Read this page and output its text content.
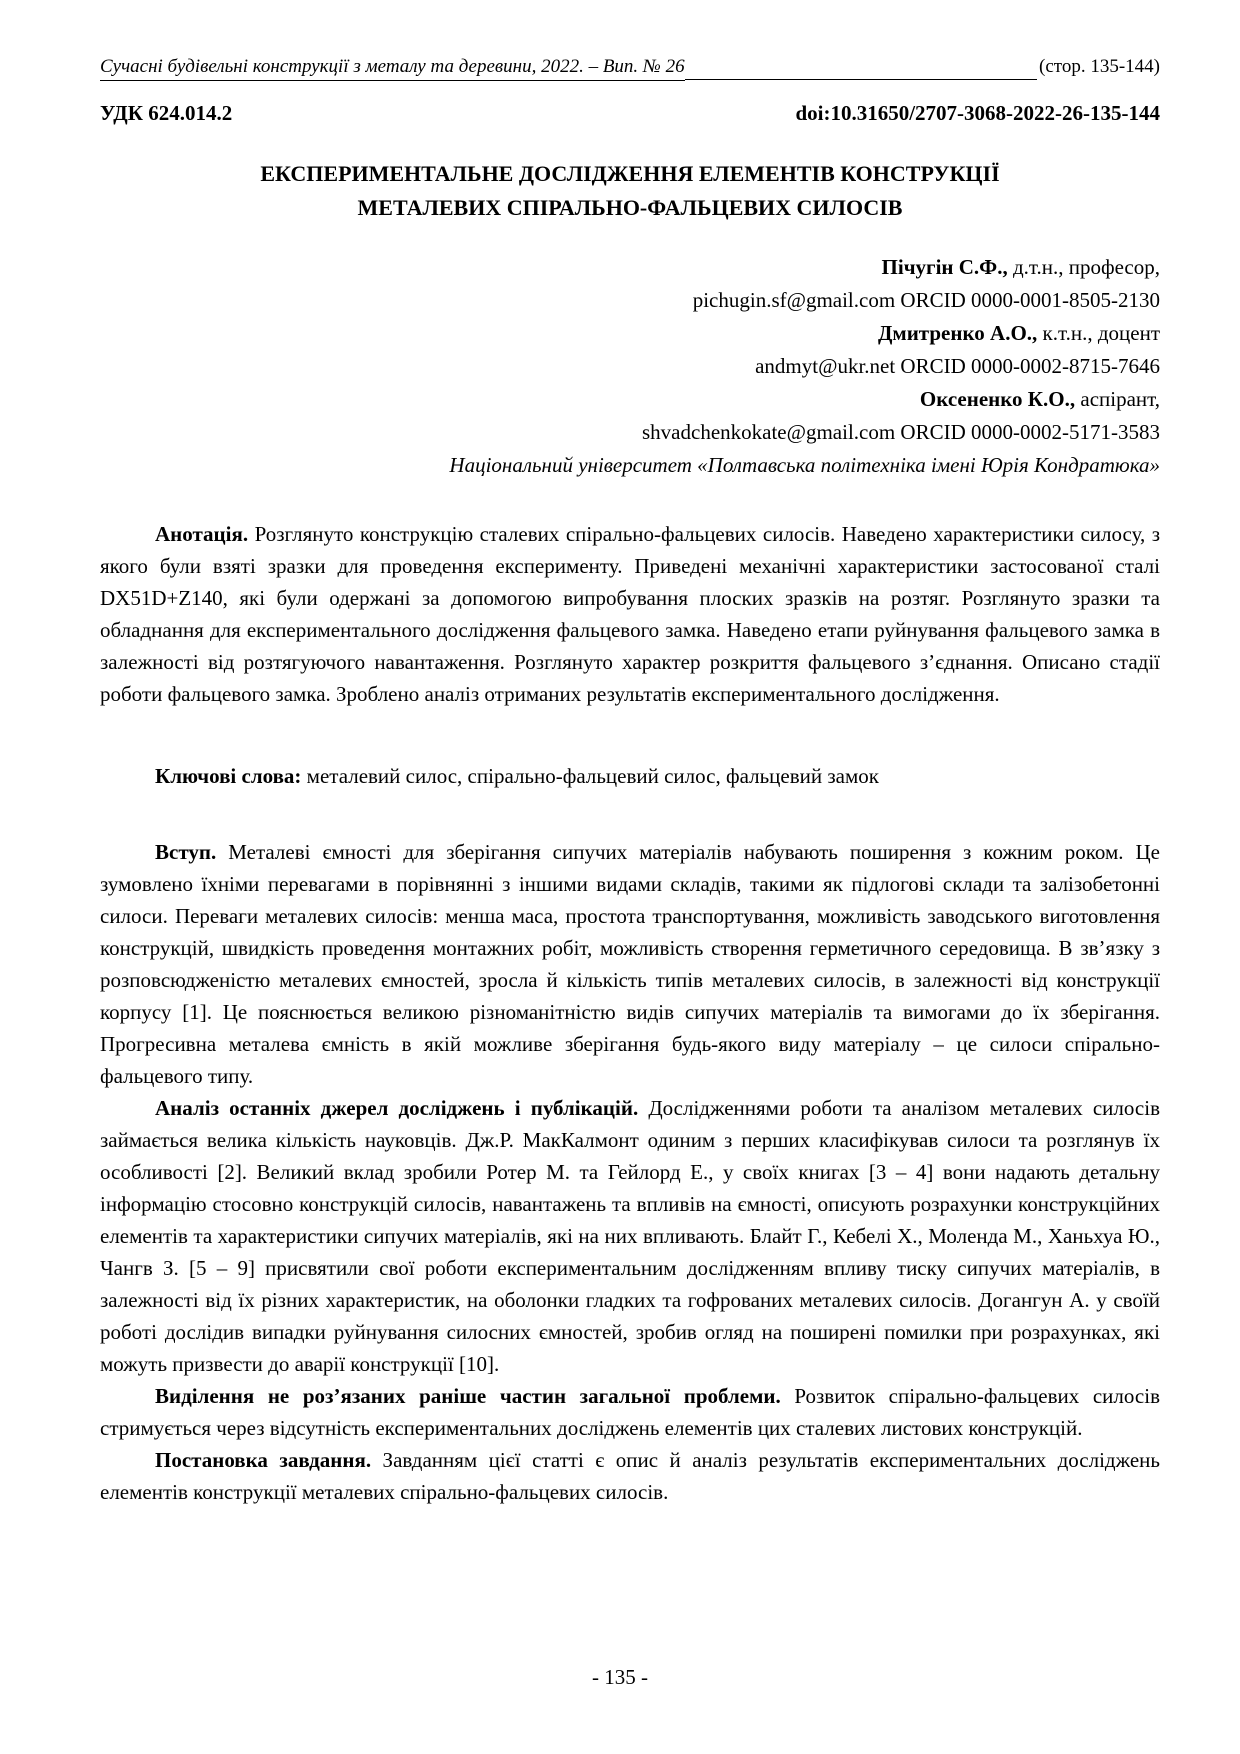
Сучасні будівельні конструкції з металу та деревини, 2022. – Вип. № 26	(стор. 135-144)
УДК 624.014.2	doi:10.31650/2707-3068-2022-26-135-144
ЕКСПЕРИМЕНТАЛЬНЕ ДОСЛІДЖЕННЯ ЕЛЕМЕНТІВ КОНСТРУКЦІЇ
МЕТАЛЕВИХ СПІРАЛЬНО-ФАЛЬЦЕВИХ СИЛОСІВ
Пічугін С.Ф., д.т.н., професор,
pichugin.sf@gmail.com ORCID 0000-0001-8505-2130
Дмитренко А.О., к.т.н., доцент
andmyt@ukr.net ORCID 0000-0002-8715-7646
Оксененко К.О., аспірант,
shvadchenkokate@gmail.com ORCID 0000-0002-5171-3583
Національний університет «Полтавська політехніка імені Юрія Кондратюка»

Анотація. Розглянуто конструкцію сталевих спірально-фальцевих силосів. Наведено характеристики силосу, з якого були взяті зразки для проведення експерименту. Приведені механічні характеристики застосованої сталі DX51D+Z140, які були одержані за допомогою випробування плоских зразків на розтяг. Розглянуто зразки та обладнання для експериментального дослідження фальцевого замка. Наведено етапи руйнування фальцевого замка в залежності від розтягуючого навантаження. Розглянуто характер розкриття фальцевого з’єднання. Описано стадії роботи фальцевого замка. Зроблено аналіз отриманих результатів експериментального дослідження.

Ключові слова: металевий силос, спірально-фальцевий силос, фальцевий замок

Вступ. Металеві ємності для зберігання сипучих матеріалів набувають поширення з кожним роком. Це зумовлено їхніми перевагами в порівнянні з іншими видами складів, такими як підлогові склади та залізобетонні силоси. Переваги металевих силосів: менша маса, простота транспортування, можливість заводського виготовлення конструкцій, швидкість проведення монтажних робіт, можливість створення герметичного середовища. В зв’язку з розповсюдженістю металевих ємностей, зросла й кількість типів металевих силосів, в залежності від конструкції корпусу [1]. Це пояснюється великою різноманітністю видів сипучих матеріалів та вимогами до їх зберігання. Прогресивна металева ємність в якій можливе зберігання будь-якого виду матеріалу – це силоси спірально-фальцевого типу.

Аналіз останніх джерел досліджень і публікацій. Дослідженнями роботи та аналізом металевих силосів займається велика кількість науковців. Дж.Р. МакКалмонт одиним з перших класифікував силоси та розглянув їх особливості [2]. Великий вклад зробили Ротер М. та Гейлорд Е., у своїх книгах [3 – 4] вони надають детальну інформацію стосовно конструкцій силосів, навантажень та впливів на ємності, описують розрахунки конструкційних елементів та характеристики сипучих матеріалів, які на них впливають. Блайт Г., Кебелі Х., Моленда М., Ханьхуа Ю., Чангв З. [5 – 9] присвятили свої роботи експериментальним дослідженням впливу тиску сипучих матеріалів, в залежності від їх різних характеристик, на оболонки гладких та гофрованих металевих силосів. Догангун А. у своїй роботі дослідив випадки руйнування силосних ємностей, зробив огляд на поширені помилки при розрахунках, які можуть призвести до аварії конструкції [10].

Виділення не роз’язаних раніше частин загальної проблеми. Розвиток спірально-фальцевих силосів стримується через відсутність експериментальних досліджень елементів цих сталевих листових конструкцій.

Постановка завдання. Завданням цієї статті є опис й аналіз результатів експериментальних досліджень елементів конструкції металевих спірально-фальцевих силосів.

- 135 -
